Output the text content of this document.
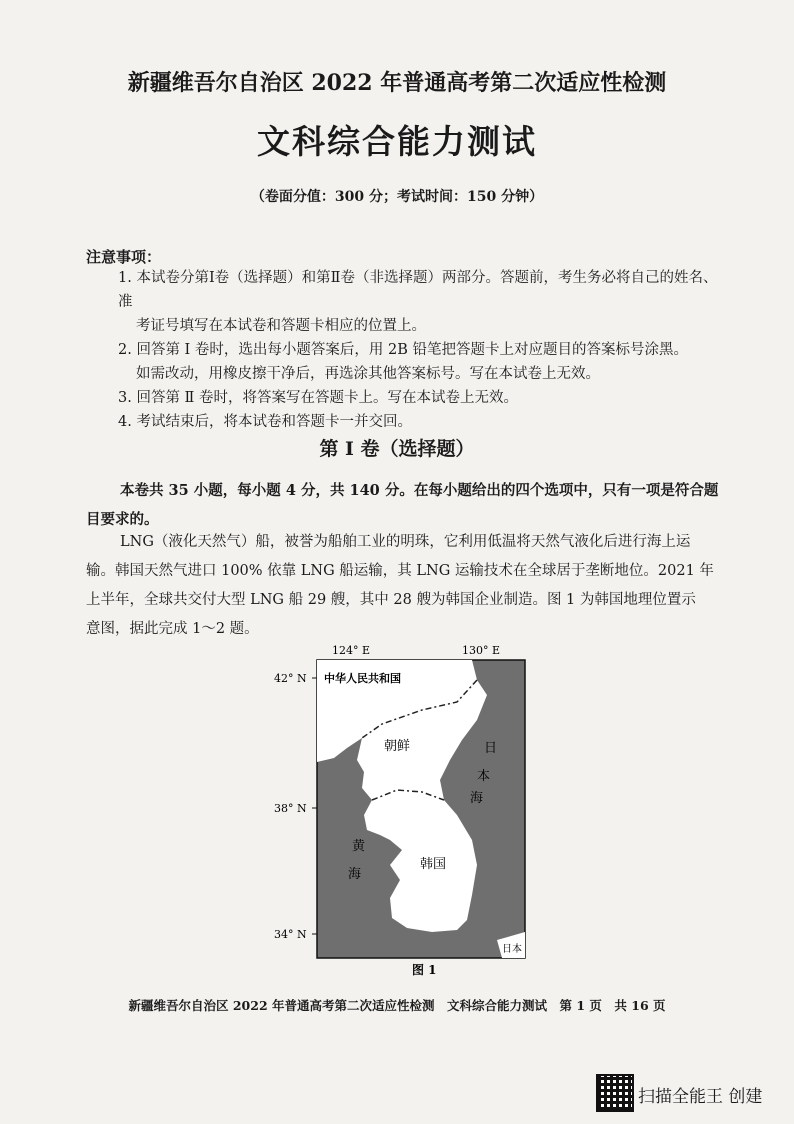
新疆维吾尔自治区 2022 年普通高考第二次适应性检测
文科综合能力测试
（卷面分值：300 分；考试时间：150 分钟）
注意事项：

1. 本试卷分第Ⅰ卷（选择题）和第Ⅱ卷（非选择题）两部分。答题前，考生务必将自己的姓名、准

考证号填写在本试卷和答题卡相应的位置上。

2. 回答第 Ⅰ 卷时，选出每小题答案后，用 2B 铅笔把答题卡上对应题目的答案标号涂黑。

如需改动，用橡皮擦干净后，再选涂其他答案标号。写在本试卷上无效。

3. 回答第 Ⅱ 卷时，将答案写在答题卡上。写在本试卷上无效。

4. 考试结束后，将本试卷和答题卡一并交回。

第 Ⅰ 卷（选择题）
本卷共 35 小题，每小题 4 分，共 140 分。在每小题给出的四个选项中，只有一项是符合题
目要求的。
LNG（液化天然气）船，被誉为船舶工业的明珠，它利用低温将天然气液化后进行海上运
输。韩国天然气进口 100% 依靠 LNG 船运输，其 LNG 运输技术在全球居于垄断地位。2021 年
上半年，全球共交付大型 LNG 船 29 艘，其中 28 艘为韩国企业制造。图 1 为韩国地理位置示
意图，据此完成 1～2 题。
124° E	130° E
42° N
38° N
34° N
中华人民共和国
朝鲜
韩国
日
本
海
黄
海
日本
图 1
新疆维吾尔自治区 2022 年普通高考第二次适应性检测　文科综合能力测试　第 1 页　共 16 页
扫描全能王 创建
